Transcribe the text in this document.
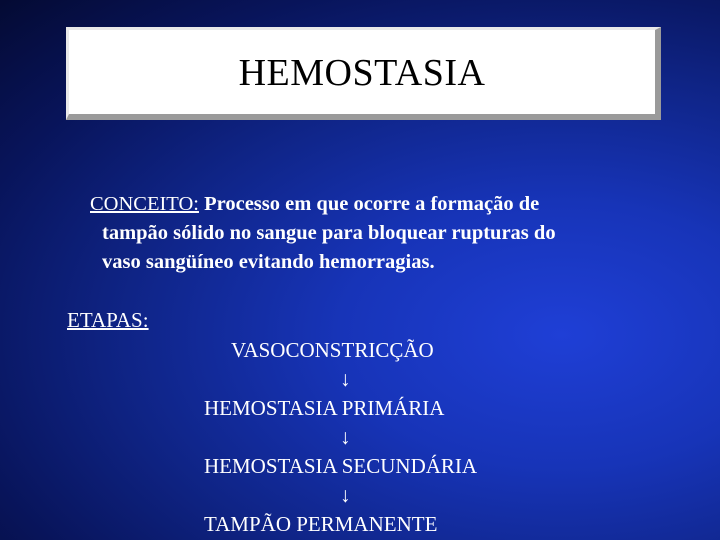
HEMOSTASIA
CONCEITO: Processo em que ocorre a formação de
tampão sólido no sangue para bloquear rupturas do
vaso sangüíneo evitando hemorragias.
ETAPAS:
VASOCONSTRICÇÃO
↓
HEMOSTASIA PRIMÁRIA
↓
HEMOSTASIA SECUNDÁRIA
↓
TAMPÃO PERMANENTE
